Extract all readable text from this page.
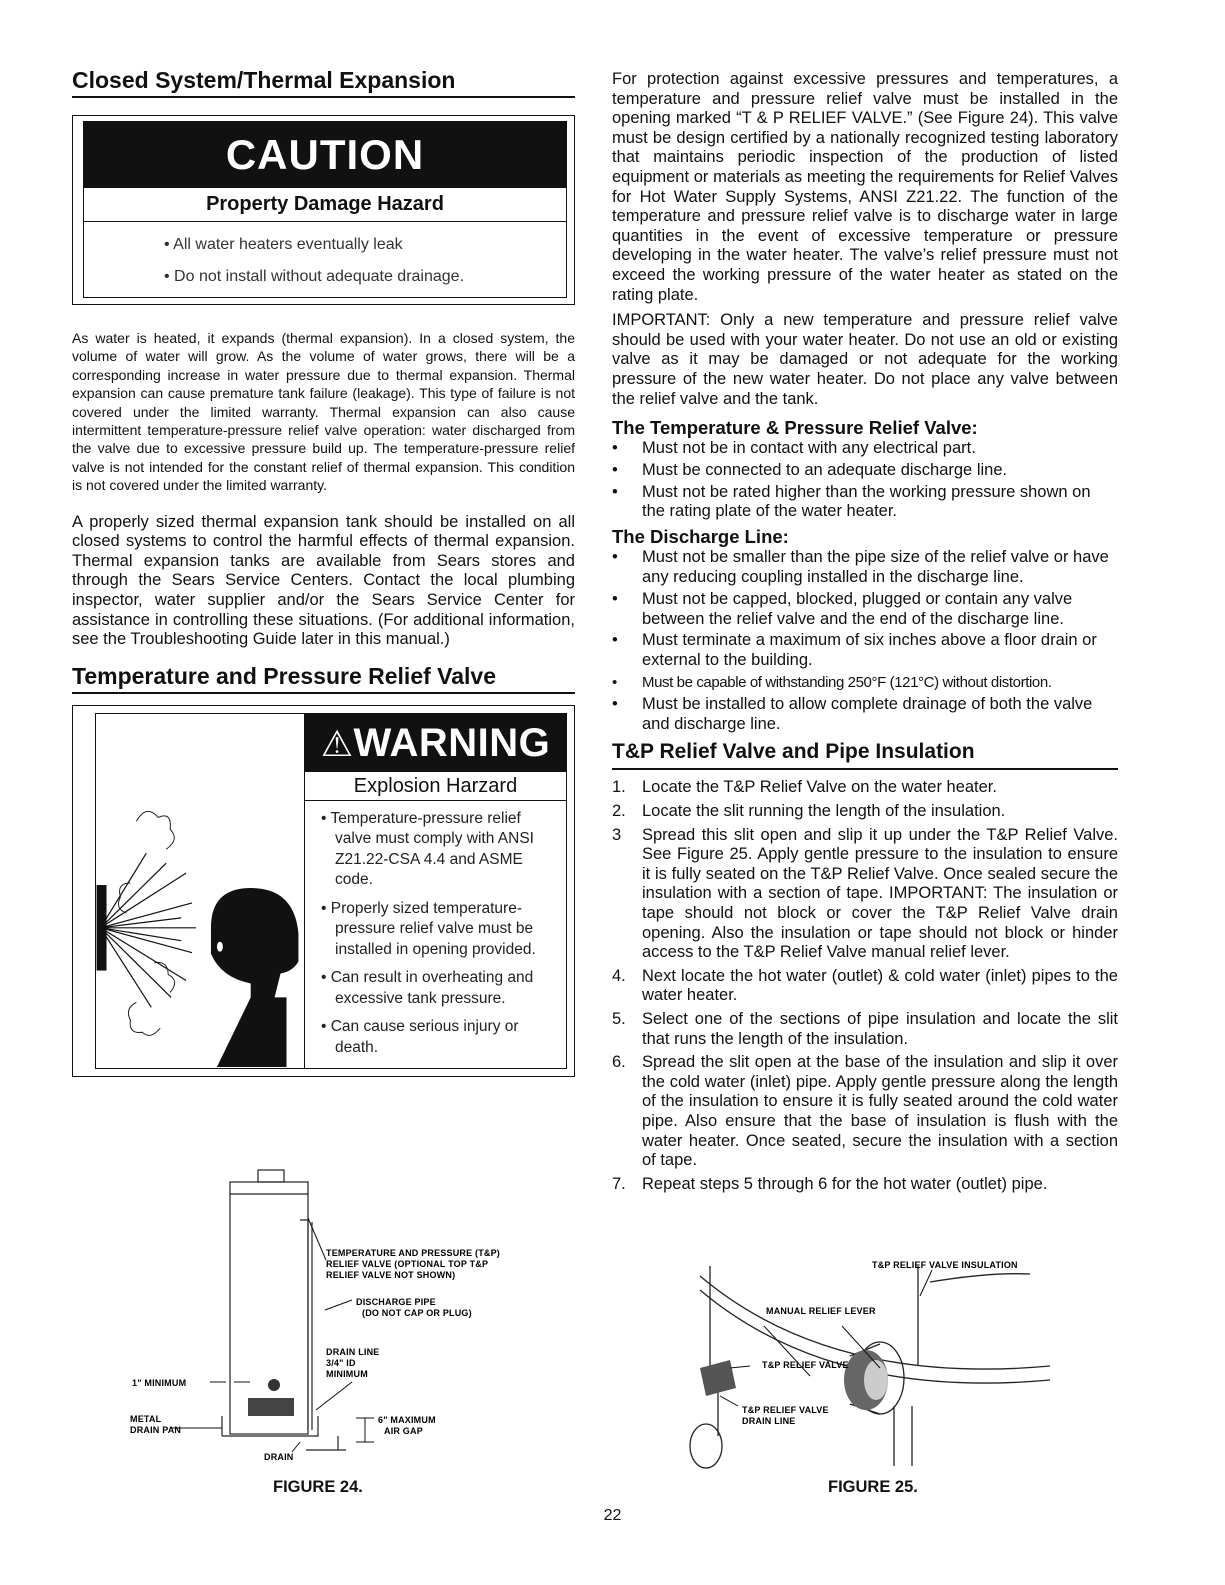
Closed System/Thermal Expansion
CAUTION
Property Damage Hazard
• All water heaters eventually leak
• Do not install without adequate drainage.

As water is heated, it expands (thermal expansion). In a closed system, the volume of water will grow. As the volume of water grows, there will be a corresponding increase in water pressure due to thermal expansion. Thermal expansion can cause premature tank failure (leakage). This type of failure is not covered under the limited warranty. Thermal expansion can also cause intermittent temperature-pressure relief valve operation: water discharged from the valve due to excessive pressure build up. The temperature-pressure relief valve is not intended for the constant relief of thermal expansion. This condition is not covered under the limited warranty.

A properly sized thermal expansion tank should be installed on all closed systems to control the harmful effects of thermal expansion. Thermal expansion tanks are available from Sears stores and through the Sears Service Centers. Contact the local plumbing inspector, water supplier and/or the Sears Service Center for assistance in controlling these situations. (For additional information, see the Troubleshooting Guide later in this manual.)

Temperature and Pressure Relief Valve
⚠WARNING
Explosion Harzard
• Temperature-pressure relief valve must comply with ANSI Z21.22-CSA 4.4 and ASME code.
• Properly sized temperature-pressure relief valve must be installed in opening provided.
• Can result in overheating and excessive tank pressure.
• Can cause serious injury or death.
TEMPERATURE AND PRESSURE (T&P)
RELIEF VALVE (OPTIONAL TOP T&P
RELIEF VALVE NOT SHOWN)
DISCHARGE PIPE
(DO NOT CAP OR PLUG)
DRAIN LINE
3/4" ID
MINIMUM
1" MINIMUM
METAL
DRAIN PAN
6" MAXIMUM
AIR GAP
DRAIN
FIGURE 24.

For protection against excessive pressures and temperatures, a temperature and pressure relief valve must be installed in the opening marked “T & P RELIEF VALVE.” (See Figure 24). This valve must be design certified by a nationally recognized testing laboratory that maintains periodic inspection of the production of listed equipment or materials as meeting the requirements for Relief Valves for Hot Water Supply Systems, ANSI Z21.22. The function of the temperature and pressure relief valve is to discharge water in large quantities in the event of excessive temperature or pressure developing in the water heater. The valve’s relief pressure must not exceed the working pressure of the water heater as stated on the rating plate.

IMPORTANT: Only a new temperature and pressure relief valve should be used with your water heater. Do not use an old or existing valve as it may be damaged or not adequate for the working pressure of the new water heater. Do not place any valve between the relief valve and the tank.

The Temperature & Pressure Relief Valve:
• Must not be in contact with any electrical part.
• Must be connected to an adequate discharge line.
• Must not be rated higher than the working pressure shown on the rating plate of the water heater.
The Discharge Line:
• Must not be smaller than the pipe size of the relief valve or have any reducing coupling installed in the discharge line.
• Must not be capped, blocked, plugged or contain any valve between the relief valve and the end of the discharge line.
• Must terminate a maximum of six inches above a floor drain or external to the building.
• Must be capable of withstanding 250°F (121°C) without distortion.
• Must be installed to allow complete drainage of both the valve and discharge line.
T&P Relief Valve and Pipe Insulation
1. Locate the T&P Relief Valve on the water heater.
2. Locate the slit running the length of the insulation.
3 Spread this slit open and slip it up under the T&P Relief Valve. See Figure 25. Apply gentle pressure to the insulation to ensure it is fully seated on the T&P Relief Valve. Once sealed secure the insulation with a section of tape. IMPORTANT: The insulation or tape should not block or cover the T&P Relief Valve drain opening. Also the insulation or tape should not block or hinder access to the T&P Relief Valve manual relief lever.
4. Next locate the hot water (outlet) & cold water (inlet) pipes to the water heater.
5. Select one of the sections of pipe insulation and locate the slit that runs the length of the insulation.
6. Spread the slit open at the base of the insulation and slip it over the cold water (inlet) pipe. Apply gentle pressure along the length of the insulation to ensure it is fully seated around the cold water pipe. Also ensure that the base of insulation is flush with the water heater. Once seated, secure the insulation with a section of tape.
7. Repeat steps 5 through 6 for the hot water (outlet) pipe.
T&P RELIEF VALVE INSULATION
MANUAL RELIEF LEVER
T&P RELIEF VALVE
T&P RELIEF VALVE
DRAIN LINE
FIGURE 25.
22
